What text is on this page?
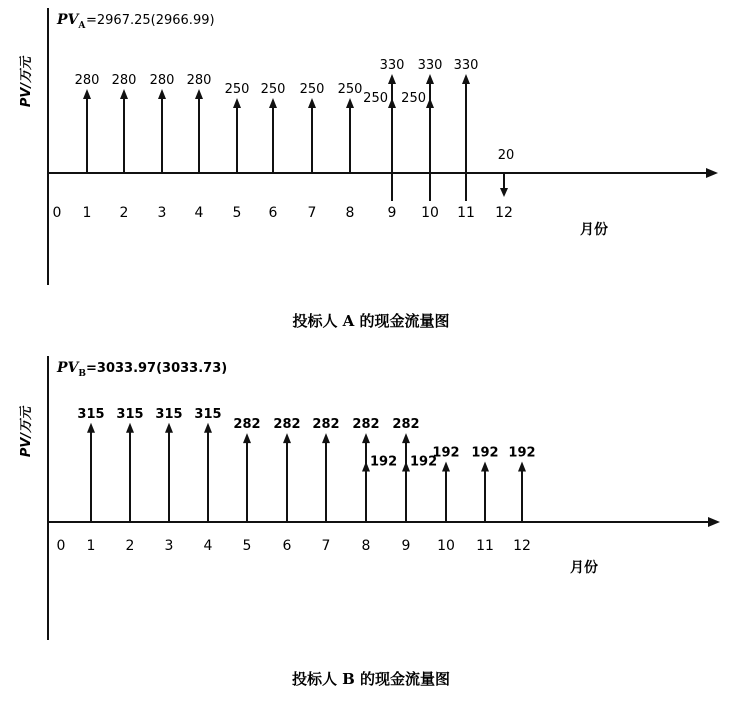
$PV_A =2967.25(2966.99)$
PV/万元
月份
投标人 A 的现金流量图
0 1 2 3 4 5 6 7 8 9 10 11 12
280 280 280 280
250 250 250 250
250
330
250
330 330
20
$PV_B =3033.97(3033.73)$
PV/万元
月份
投标人 B 的现金流量图
0 1 2 3 4 5 6 7 8 9 10 11 12
315 315 315 315
282 282 282 282
192
282
192
192 192 192
